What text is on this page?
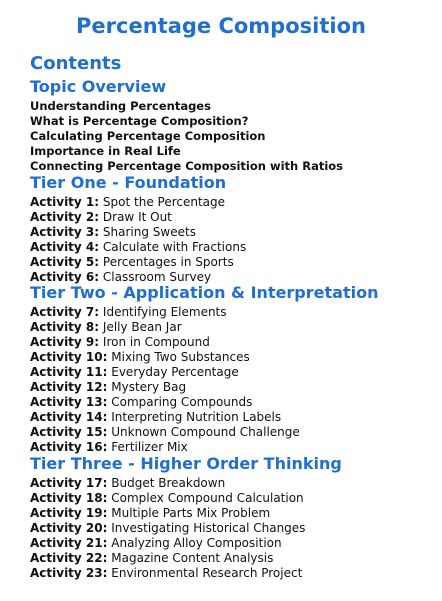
Percentage Composition
Contents
Topic Overview
Understanding Percentages
What is Percentage Composition?
Calculating Percentage Composition
Importance in Real Life
Connecting Percentage Composition with Ratios
Tier One - Foundation
Activity 1: Spot the Percentage
Activity 2: Draw It Out
Activity 3: Sharing Sweets
Activity 4: Calculate with Fractions
Activity 5: Percentages in Sports
Activity 6: Classroom Survey
Tier Two - Application & Interpretation
Activity 7: Identifying Elements
Activity 8: Jelly Bean Jar
Activity 9: Iron in Compound
Activity 10: Mixing Two Substances
Activity 11: Everyday Percentage
Activity 12: Mystery Bag
Activity 13: Comparing Compounds
Activity 14: Interpreting Nutrition Labels
Activity 15: Unknown Compound Challenge
Activity 16: Fertilizer Mix
Tier Three - Higher Order Thinking
Activity 17: Budget Breakdown
Activity 18: Complex Compound Calculation
Activity 19: Multiple Parts Mix Problem
Activity 20: Investigating Historical Changes
Activity 21: Analyzing Alloy Composition
Activity 22: Magazine Content Analysis
Activity 23: Environmental Research Project
